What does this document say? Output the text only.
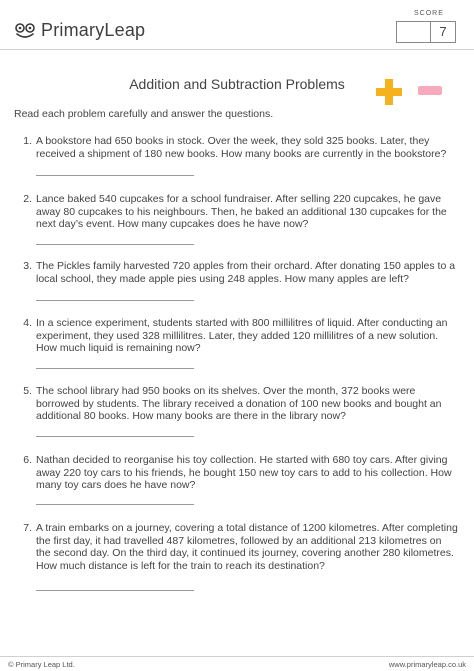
PrimaryLeap
SCORE
7
Addition and Subtraction Problems
Read each problem carefully and answer the questions.
1. A bookstore had 650 books in stock. Over the week, they sold 325 books. Later, they received a shipment of 180 new books. How many books are currently in the bookstore?
2. Lance baked 540 cupcakes for a school fundraiser. After selling 220 cupcakes, he gave away 80 cupcakes to his neighbours. Then, he baked an additional 130 cupcakes for the next day’s event. How many cupcakes does he have now?
3. The Pickles family harvested 720 apples from their orchard. After donating 150 apples to a local school, they made apple pies using 248 apples. How many apples are left?
4. In a science experiment, students started with 800 millilitres of liquid. After conducting an experiment, they used 328 millilitres. Later, they added 120 millilitres of a new solution. How much liquid is remaining now?
5. The school library had 950 books on its shelves. Over the month, 372 books were borrowed by students. The library received a donation of 100 new books and bought an additional 80 books. How many books are there in the library now?
6. Nathan decided to reorganise his toy collection. He started with 680 toy cars. After giving away 220 toy cars to his friends, he bought 150 new toy cars to add to his collection. How many toy cars does he have now?
7. A train embarks on a journey, covering a total distance of 1200 kilometres. After completing the first day, it had travelled 487 kilometres, followed by an additional 213 kilometres on the second day. On the third day, it continued its journey, covering another 280 kilometres. How much distance is left for the train to reach its destination?
© Primary Leap Ltd.	www.primaryleap.co.uk
